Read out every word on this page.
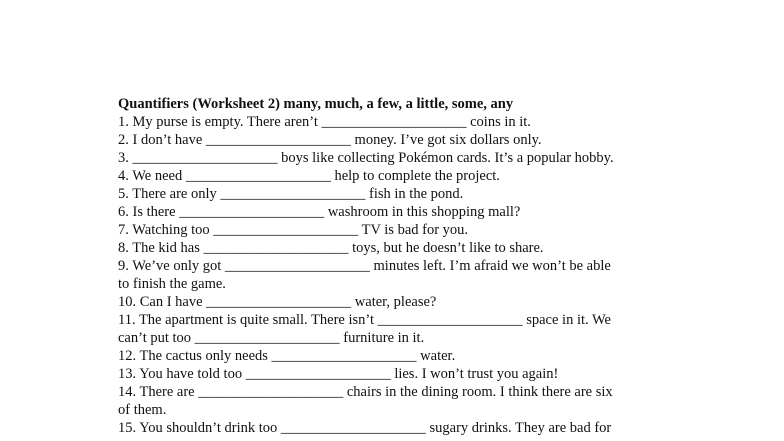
Quantifiers (Worksheet 2) many, much, a few, a little, some, any
1. My purse is empty. There aren’t ____________________ coins in it.
2. I don’t have ____________________ money. I’ve got six dollars only.
3. ____________________ boys like collecting Pokémon cards. It’s a popular hobby.
4. We need ____________________ help to complete the project.
5. There are only ____________________ fish in the pond.
6. Is there ____________________ washroom in this shopping mall?
7. Watching too ____________________ TV is bad for you.
8. The kid has ____________________ toys, but he doesn’t like to share.
9. We’ve only got ____________________ minutes left. I’m afraid we won’t be able
to finish the game.
10. Can I have ____________________ water, please?
11. The apartment is quite small. There isn’t ____________________ space in it. We
can’t put too ____________________ furniture in it.
12. The cactus only needs ____________________ water.
13. You have told too ____________________ lies. I won’t trust you again!
14. There are ____________________ chairs in the dining room. I think there are six
of them.
15. You shouldn’t drink too ____________________ sugary drinks. They are bad for
